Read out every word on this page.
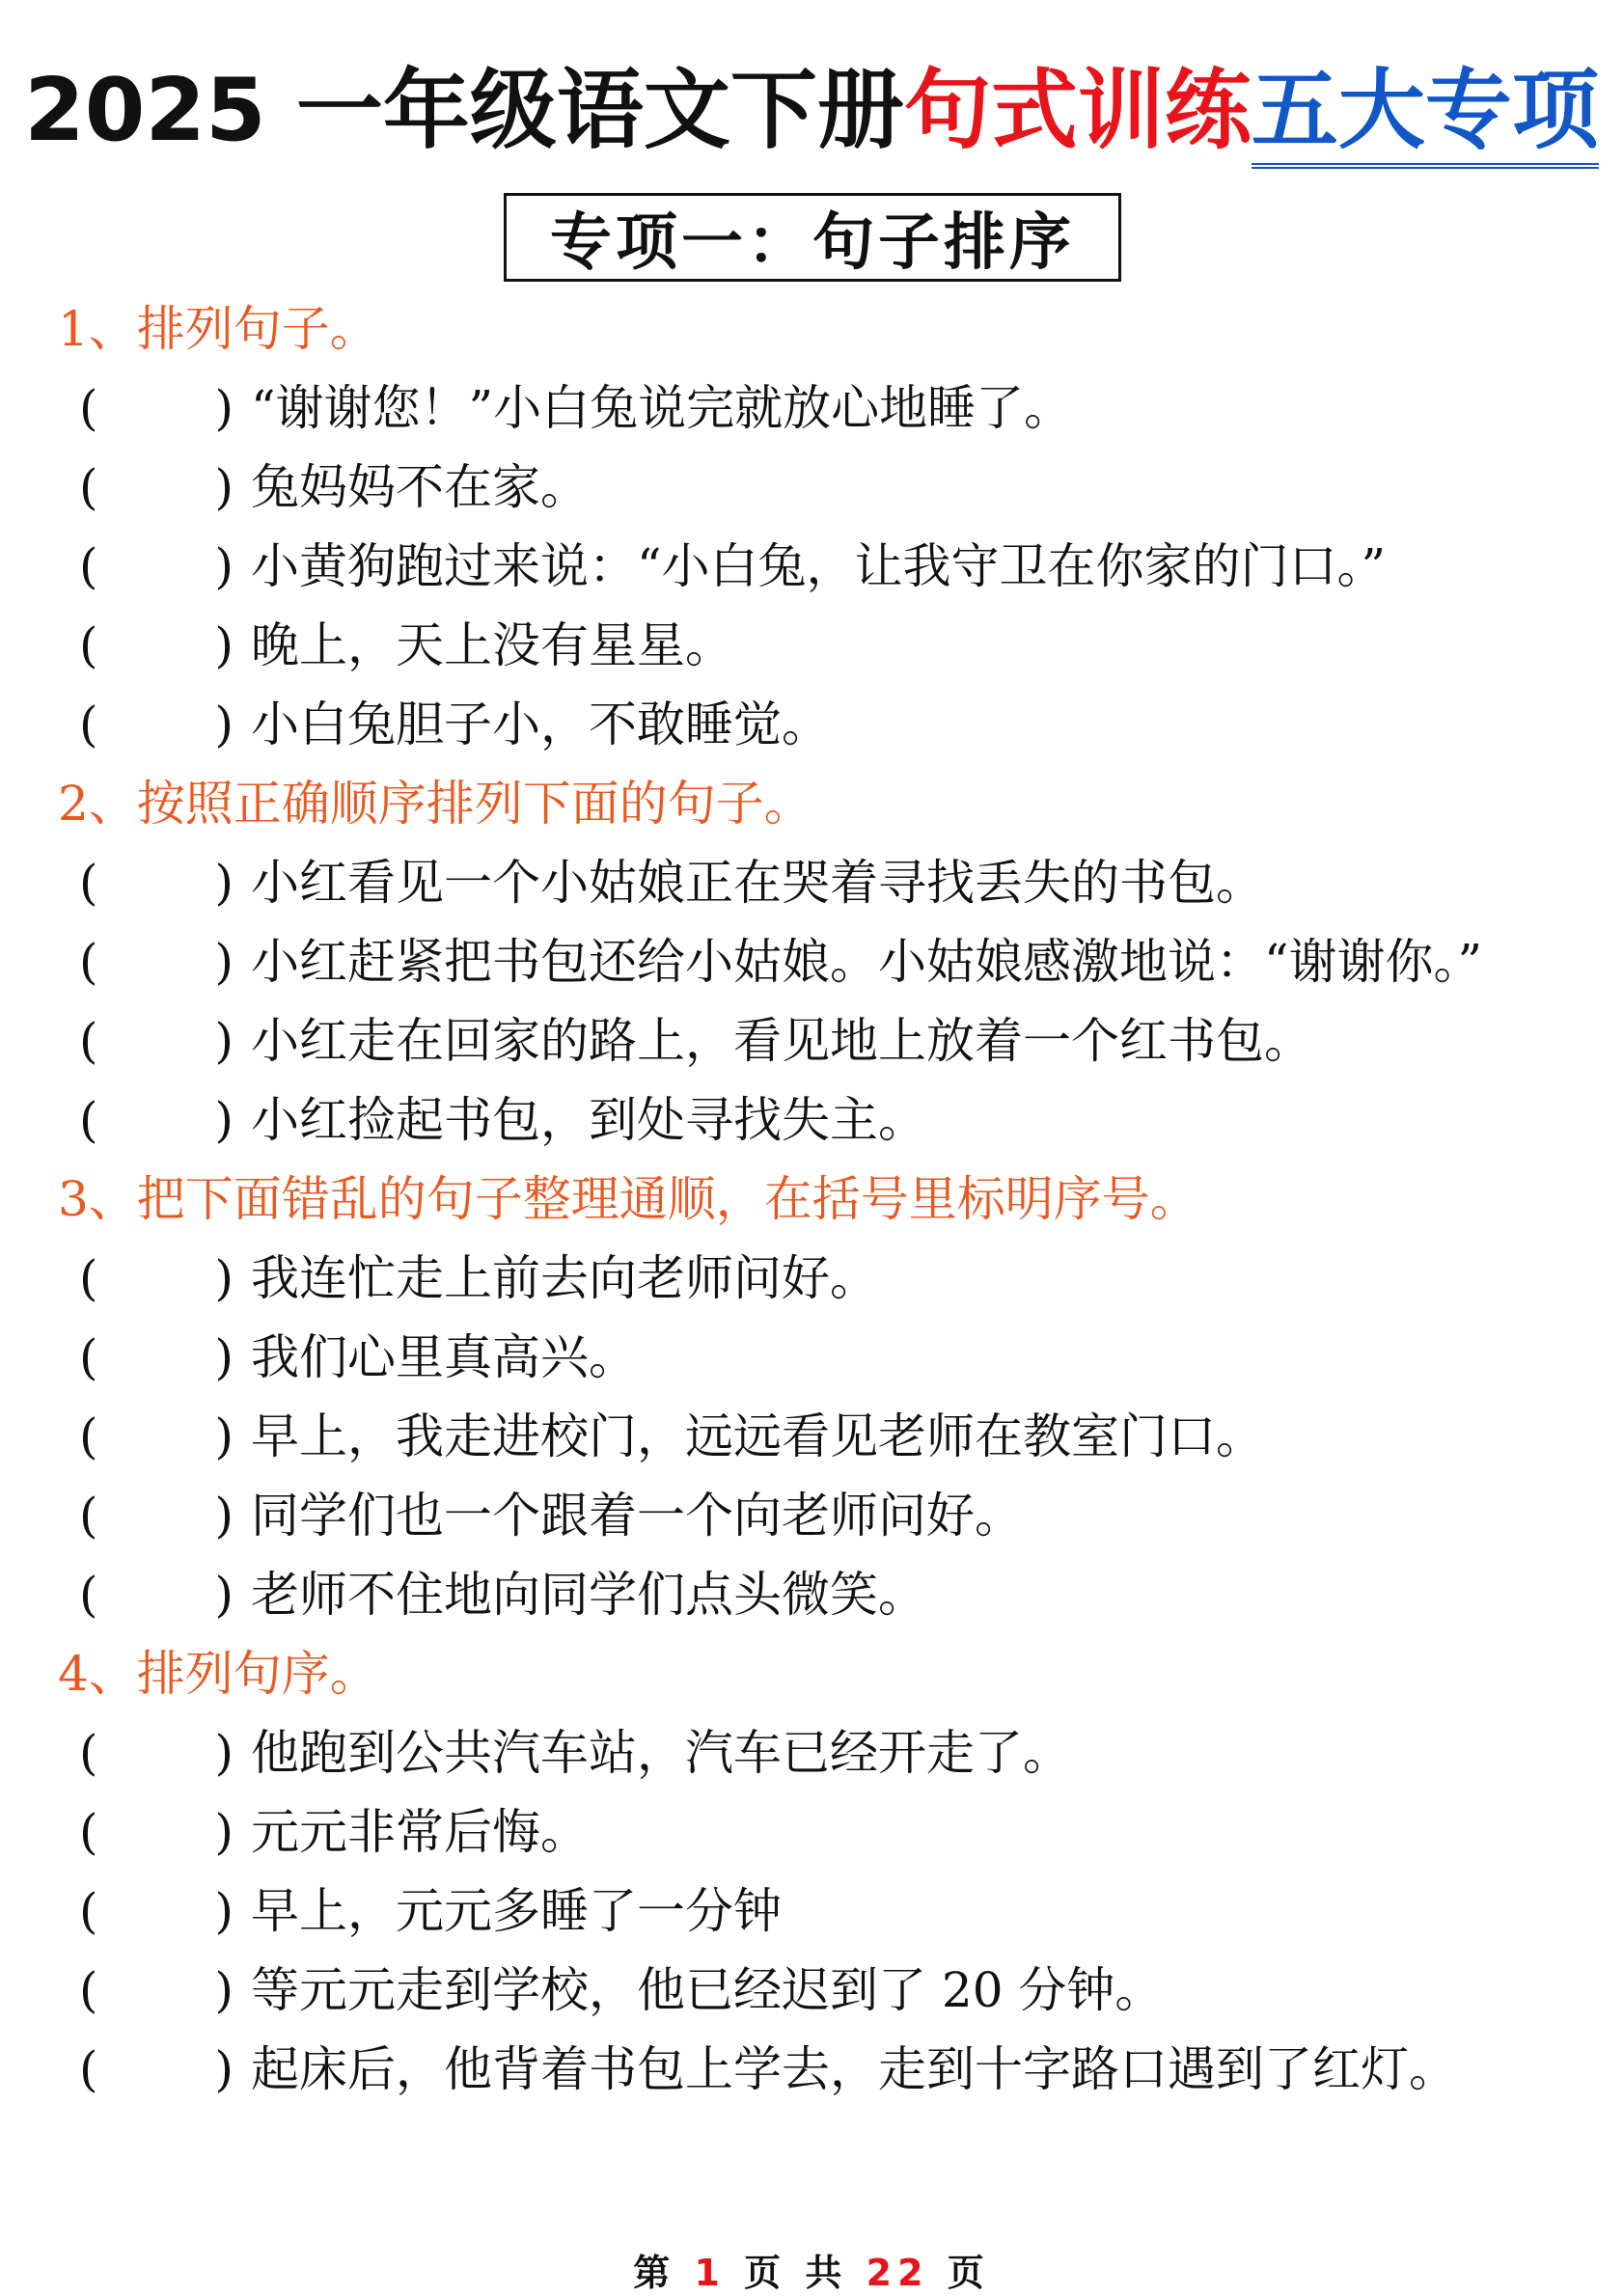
2025 一年级语文下册句式训练五大专项
专项一：句子排序
1、排列句子。
( ) “谢谢您！”小白兔说完就放心地睡了。
( ) 兔妈妈不在家。
( ) 小黄狗跑过来说：“小白兔，让我守卫在你家的门口。”
( ) 晚上，天上没有星星。
( ) 小白兔胆子小，不敢睡觉。
2、按照正确顺序排列下面的句子。
( ) 小红看见一个小姑娘正在哭着寻找丢失的书包。
( ) 小红赶紧把书包还给小姑娘。小姑娘感激地说：“谢谢你。”
( ) 小红走在回家的路上，看见地上放着一个红书包。
( ) 小红捡起书包，到处寻找失主。
3、把下面错乱的句子整理通顺，在括号里标明序号。
( ) 我连忙走上前去向老师问好。
( ) 我们心里真高兴。
( ) 早上，我走进校门，远远看见老师在教室门口。
( ) 同学们也一个跟着一个向老师问好。
( ) 老师不住地向同学们点头微笑。
4、排列句序。
( ) 他跑到公共汽车站，汽车已经开走了。
( ) 元元非常后悔。
( ) 早上，元元多睡了一分钟
( ) 等元元走到学校，他已经迟到了 20 分钟。
( ) 起床后，他背着书包上学去，走到十字路口遇到了红灯。
第 1 页 共 22 页
